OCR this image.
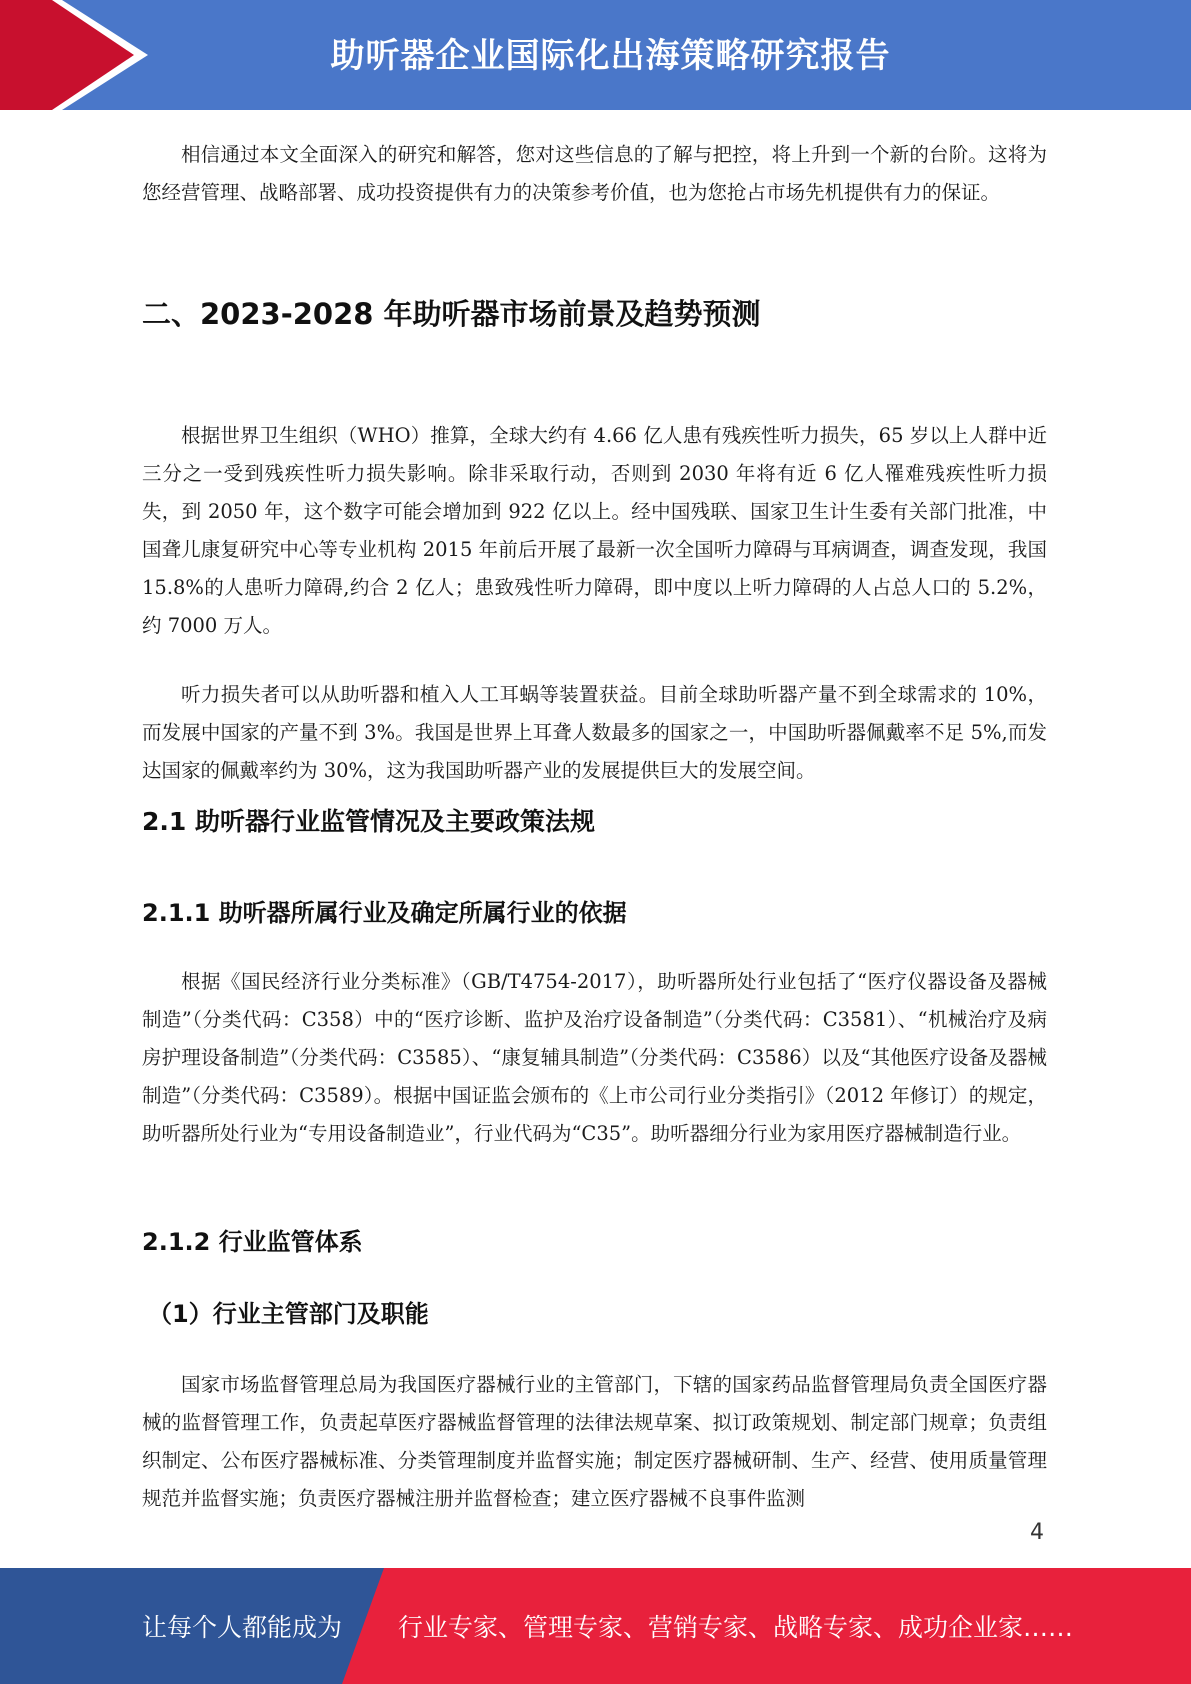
助听器企业国际化出海策略研究报告

相信通过本文全面深入的研究和解答，您对这些信息的了解与把控，将上升到一个新的台阶。这将为您经营管理、战略部署、成功投资提供有力的决策参考价值，也为您抢占市场先机提供有力的保证。

二、2023-2028 年助听器市场前景及趋势预测

根据世界卫生组织（WHO）推算，全球大约有 4.66 亿人患有残疾性听力损失，65 岁以上人群中近三分之一受到残疾性听力损失影响。除非采取行动，否则到 2030 年将有近 6 亿人罹难残疾性听力损失，到 2050 年，这个数字可能会增加到 922 亿以上。经中国残联、国家卫生计生委有关部门批准，中国聋儿康复研究中心等专业机构 2015 年前后开展了最新一次全国听力障碍与耳病调查，调查发现，我国 15.8%的人患听力障碍,约合 2 亿人；患致残性听力障碍，即中度以上听力障碍的人占总人口的 5.2%，约 7000 万人。

听力损失者可以从助听器和植入人工耳蜗等装置获益。目前全球助听器产量不到全球需求的 10%，而发展中国家的产量不到 3%。我国是世界上耳聋人数最多的国家之一，中国助听器佩戴率不足 5%,而发达国家的佩戴率约为 30%，这为我国助听器产业的发展提供巨大的发展空间。

2.1 助听器行业监管情况及主要政策法规
2.1.1 助听器所属行业及确定所属行业的依据

根据《国民经济行业分类标准》（GB/T4754-2017），助听器所处行业包括了“医疗仪器设备及器械制造”（分类代码：C358）中的“医疗诊断、监护及治疗设备制造”（分类代码：C3581）、“机械治疗及病房护理设备制造”（分类代码：C3585）、“康复辅具制造”（分类代码：C3586）以及“其他医疗设备及器械制造”（分类代码：C3589）。根据中国证监会颁布的《上市公司行业分类指引》（2012 年修订）的规定，助听器所处行业为“专用设备制造业”，行业代码为“C35”。助听器细分行业为家用医疗器械制造行业。

2.1.2 行业监管体系
（1）行业主管部门及职能

国家市场监督管理总局为我国医疗器械行业的主管部门，下辖的国家药品监督管理局负责全国医疗器械的监督管理工作，负责起草医疗器械监督管理的法律法规草案、拟订政策规划、制定部门规章；负责组织制定、公布医疗器械标准、分类管理制度并监督实施；制定医疗器械研制、生产、经营、使用质量管理规范并监督实施；负责医疗器械注册并监督检查；建立医疗器械不良事件监测

4
让每个人都能成为 行业专家、管理专家、营销专家、战略专家、成功企业家……
